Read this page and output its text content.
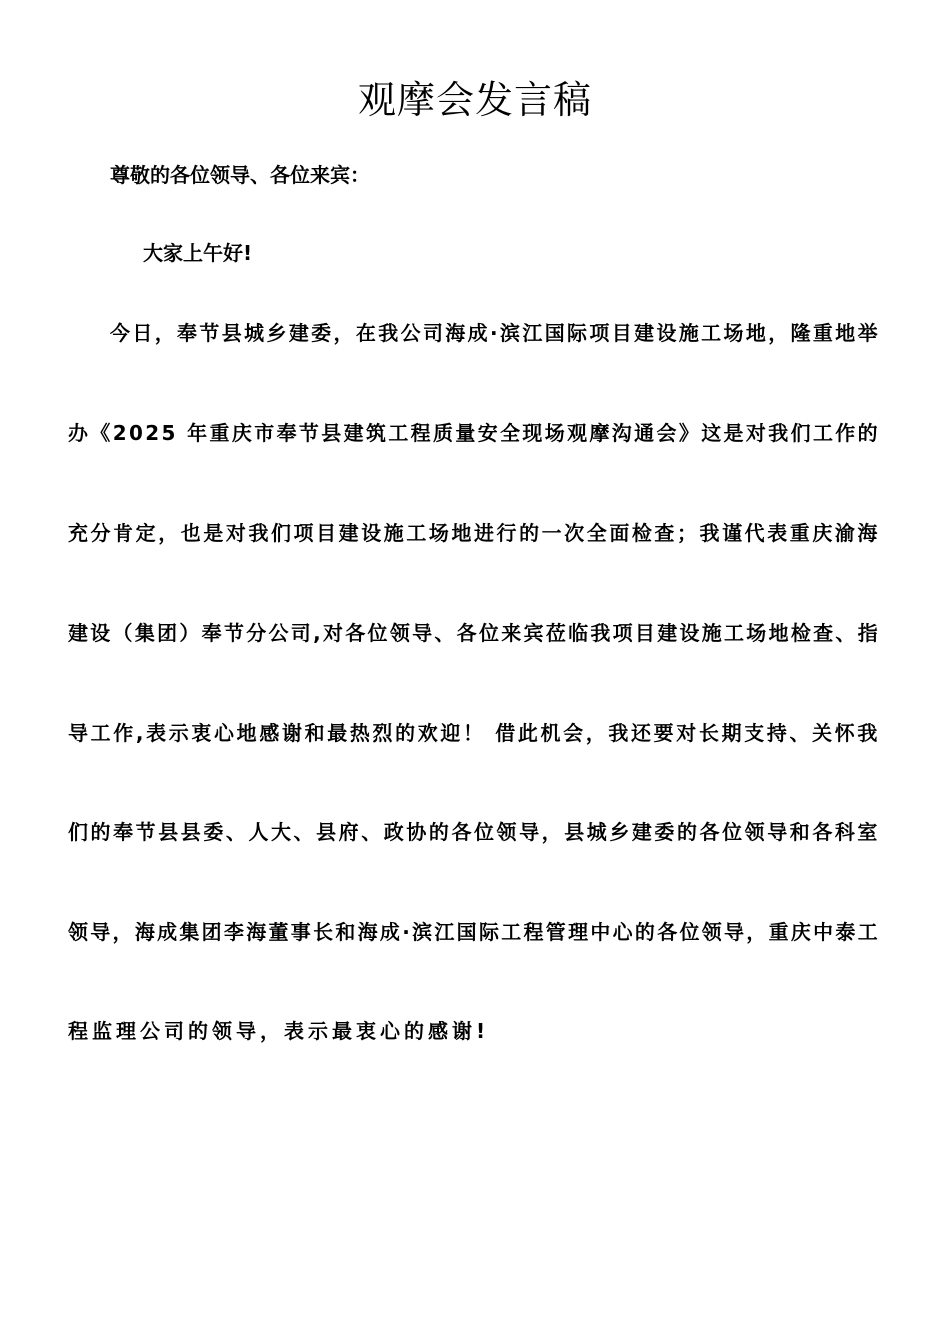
观摩会发言稿
尊敬的各位领导、各位来宾：
大家上午好!
今日，奉节县城乡建委，在我公司海成·滨江国际项目建设施工场地，隆重地举
办《2025 年重庆市奉节县建筑工程质量安全现场观摩沟通会》这是对我们工作的
充分肯定，也是对我们项目建设施工场地进行的一次全面检查；我谨代表重庆渝海
建设（集团）奉节分公司,对各位领导、各位来宾莅临我项目建设施工场地检查、指
导工作,表示衷心地感谢和最热烈的欢迎！ 借此机会，我还要对长期支持、关怀我
们的奉节县县委、人大、县府、政协的各位领导，县城乡建委的各位领导和各科室
领导，海成集团李海董事长和海成·滨江国际工程管理中心的各位领导，重庆中泰工
程监理公司的领导，表示最衷心的感谢!
